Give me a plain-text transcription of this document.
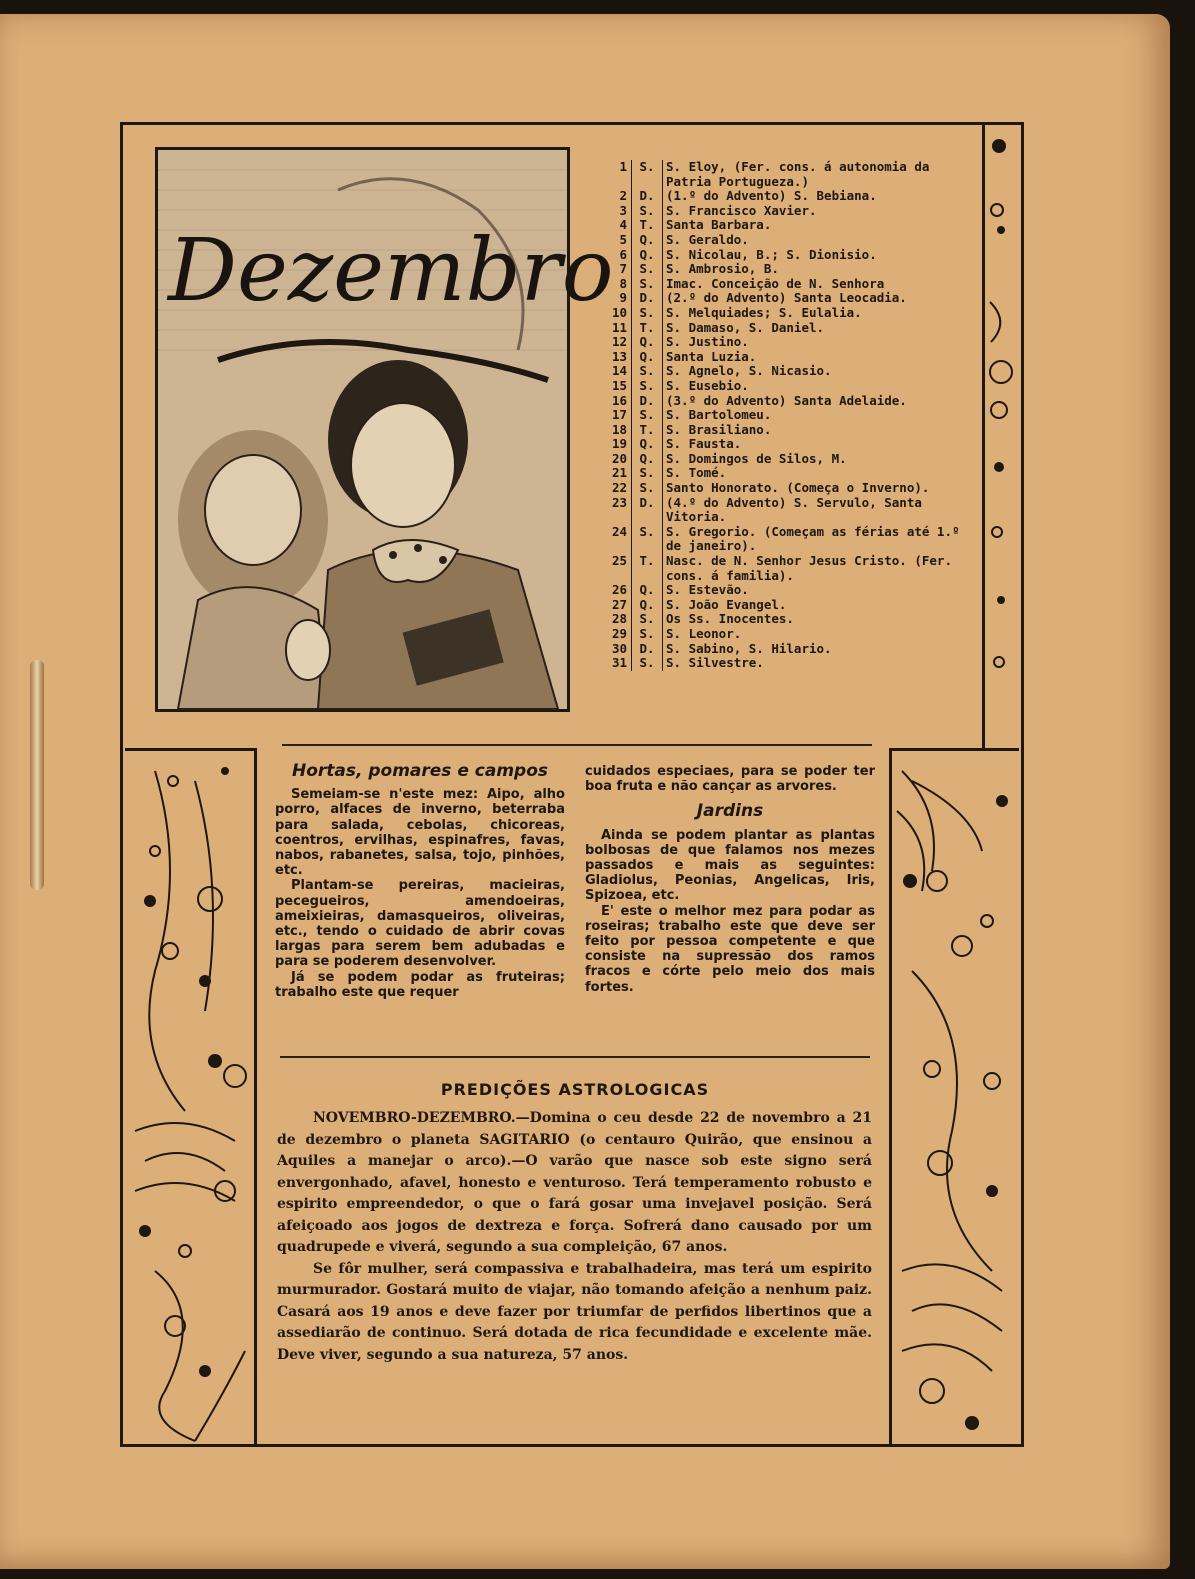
Dezembro
1 S. S. Eloy, (Fer. cons. á autonomia da Patria Portugueza.)
2 D. (1.º do Advento) S. Bebiana.
3 S. S. Francisco Xavier.
4 T. Santa Barbara.
5 Q. S. Geraldo.
6 Q. S. Nicolau, B.; S. Dionisio.
7 S. S. Ambrosio, B.
8 S. Imac. Conceição de N. Senhora
9 D. (2.º do Advento) Santa Leocadia.
10 S. S. Melquiades; S. Eulalia.
11 T. S. Damaso, S. Daniel.
12 Q. S. Justino.
13 Q. Santa Luzia.
14 S. S. Agnelo, S. Nicasio.
15 S. S. Eusebio.
16 D. (3.º do Advento) Santa Adelaide.
17 S. S. Bartolomeu.
18 T. S. Brasiliano.
19 Q. S. Fausta.
20 Q. S. Domingos de Silos, M.
21 S. S. Tomé.
22 S. Santo Honorato. (Começa o Inverno).
23 D. (4.º do Advento) S. Servulo, Santa Vitoria.
24 S. S. Gregorio. (Começam as férias até 1.º de janeiro).
25 T. Nasc. de N. Senhor Jesus Cristo. (Fer. cons. á familia).
26 Q. S. Estevão.
27 Q. S. João Evangel.
28 S. Os Ss. Inocentes.
29 S. S. Leonor.
30 D. S. Sabino, S. Hilario.
31 S. S. Silvestre.
Hortas, pomares e campos

Semeiam-se n'este mez: Aipo, alho porro, alfaces de inverno, beterraba para salada, cebolas, chicoreas, coentros, ervilhas, espinafres, favas, nabos, rabanetes, salsa, tojo, pinhões, etc.

Plantam-se pereiras, macieiras, pecegueiros, amendoeiras, ameixieiras, damasqueiros, oliveiras, etc., tendo o cuidado de abrir covas largas para serem bem adubadas e para se poderem desenvolver.

Já se podem podar as fruteiras; trabalho este que requer

cuidados especiaes, para se poder ter boa fruta e não cançar as arvores.

Jardins

Ainda se podem plantar as plantas bolbosas de que falamos nos mezes passados e mais as seguintes: Gladiolus, Peonias, Angelicas, Iris, Spizoea, etc.

E' este o melhor mez para podar as roseiras; trabalho este que deve ser feito por pessoa competente e que consiste na supressão dos ramos fracos e córte pelo meio dos mais fortes.

PREDIÇÕES ASTROLOGICAS

NOVEMBRO-DEZEMBRO.—Domina o ceu desde 22 de novembro a 21 de dezembro o planeta SAGITARIO (o centauro Quirão, que ensinou a Aquiles a manejar o arco).—O varão que nasce sob este signo será envergonhado, afavel, honesto e venturoso. Terá temperamento robusto e espirito empreendedor, o que o fará gosar uma invejavel posição. Será afeiçoado aos jogos de dextreza e força. Sofrerá dano causado por um quadrupede e viverá, segundo a sua compleição, 67 anos.

Se fôr mulher, será compassiva e trabalhadeira, mas terá um espirito murmurador. Gostará muito de viajar, não tomando afeição a nenhum paiz. Casará aos 19 anos e deve fazer por triumfar de perfidos libertinos que a assediarão de continuo. Será dotada de rica fecundidade e excelente mãe. Deve viver, segundo a sua natureza, 57 anos.
